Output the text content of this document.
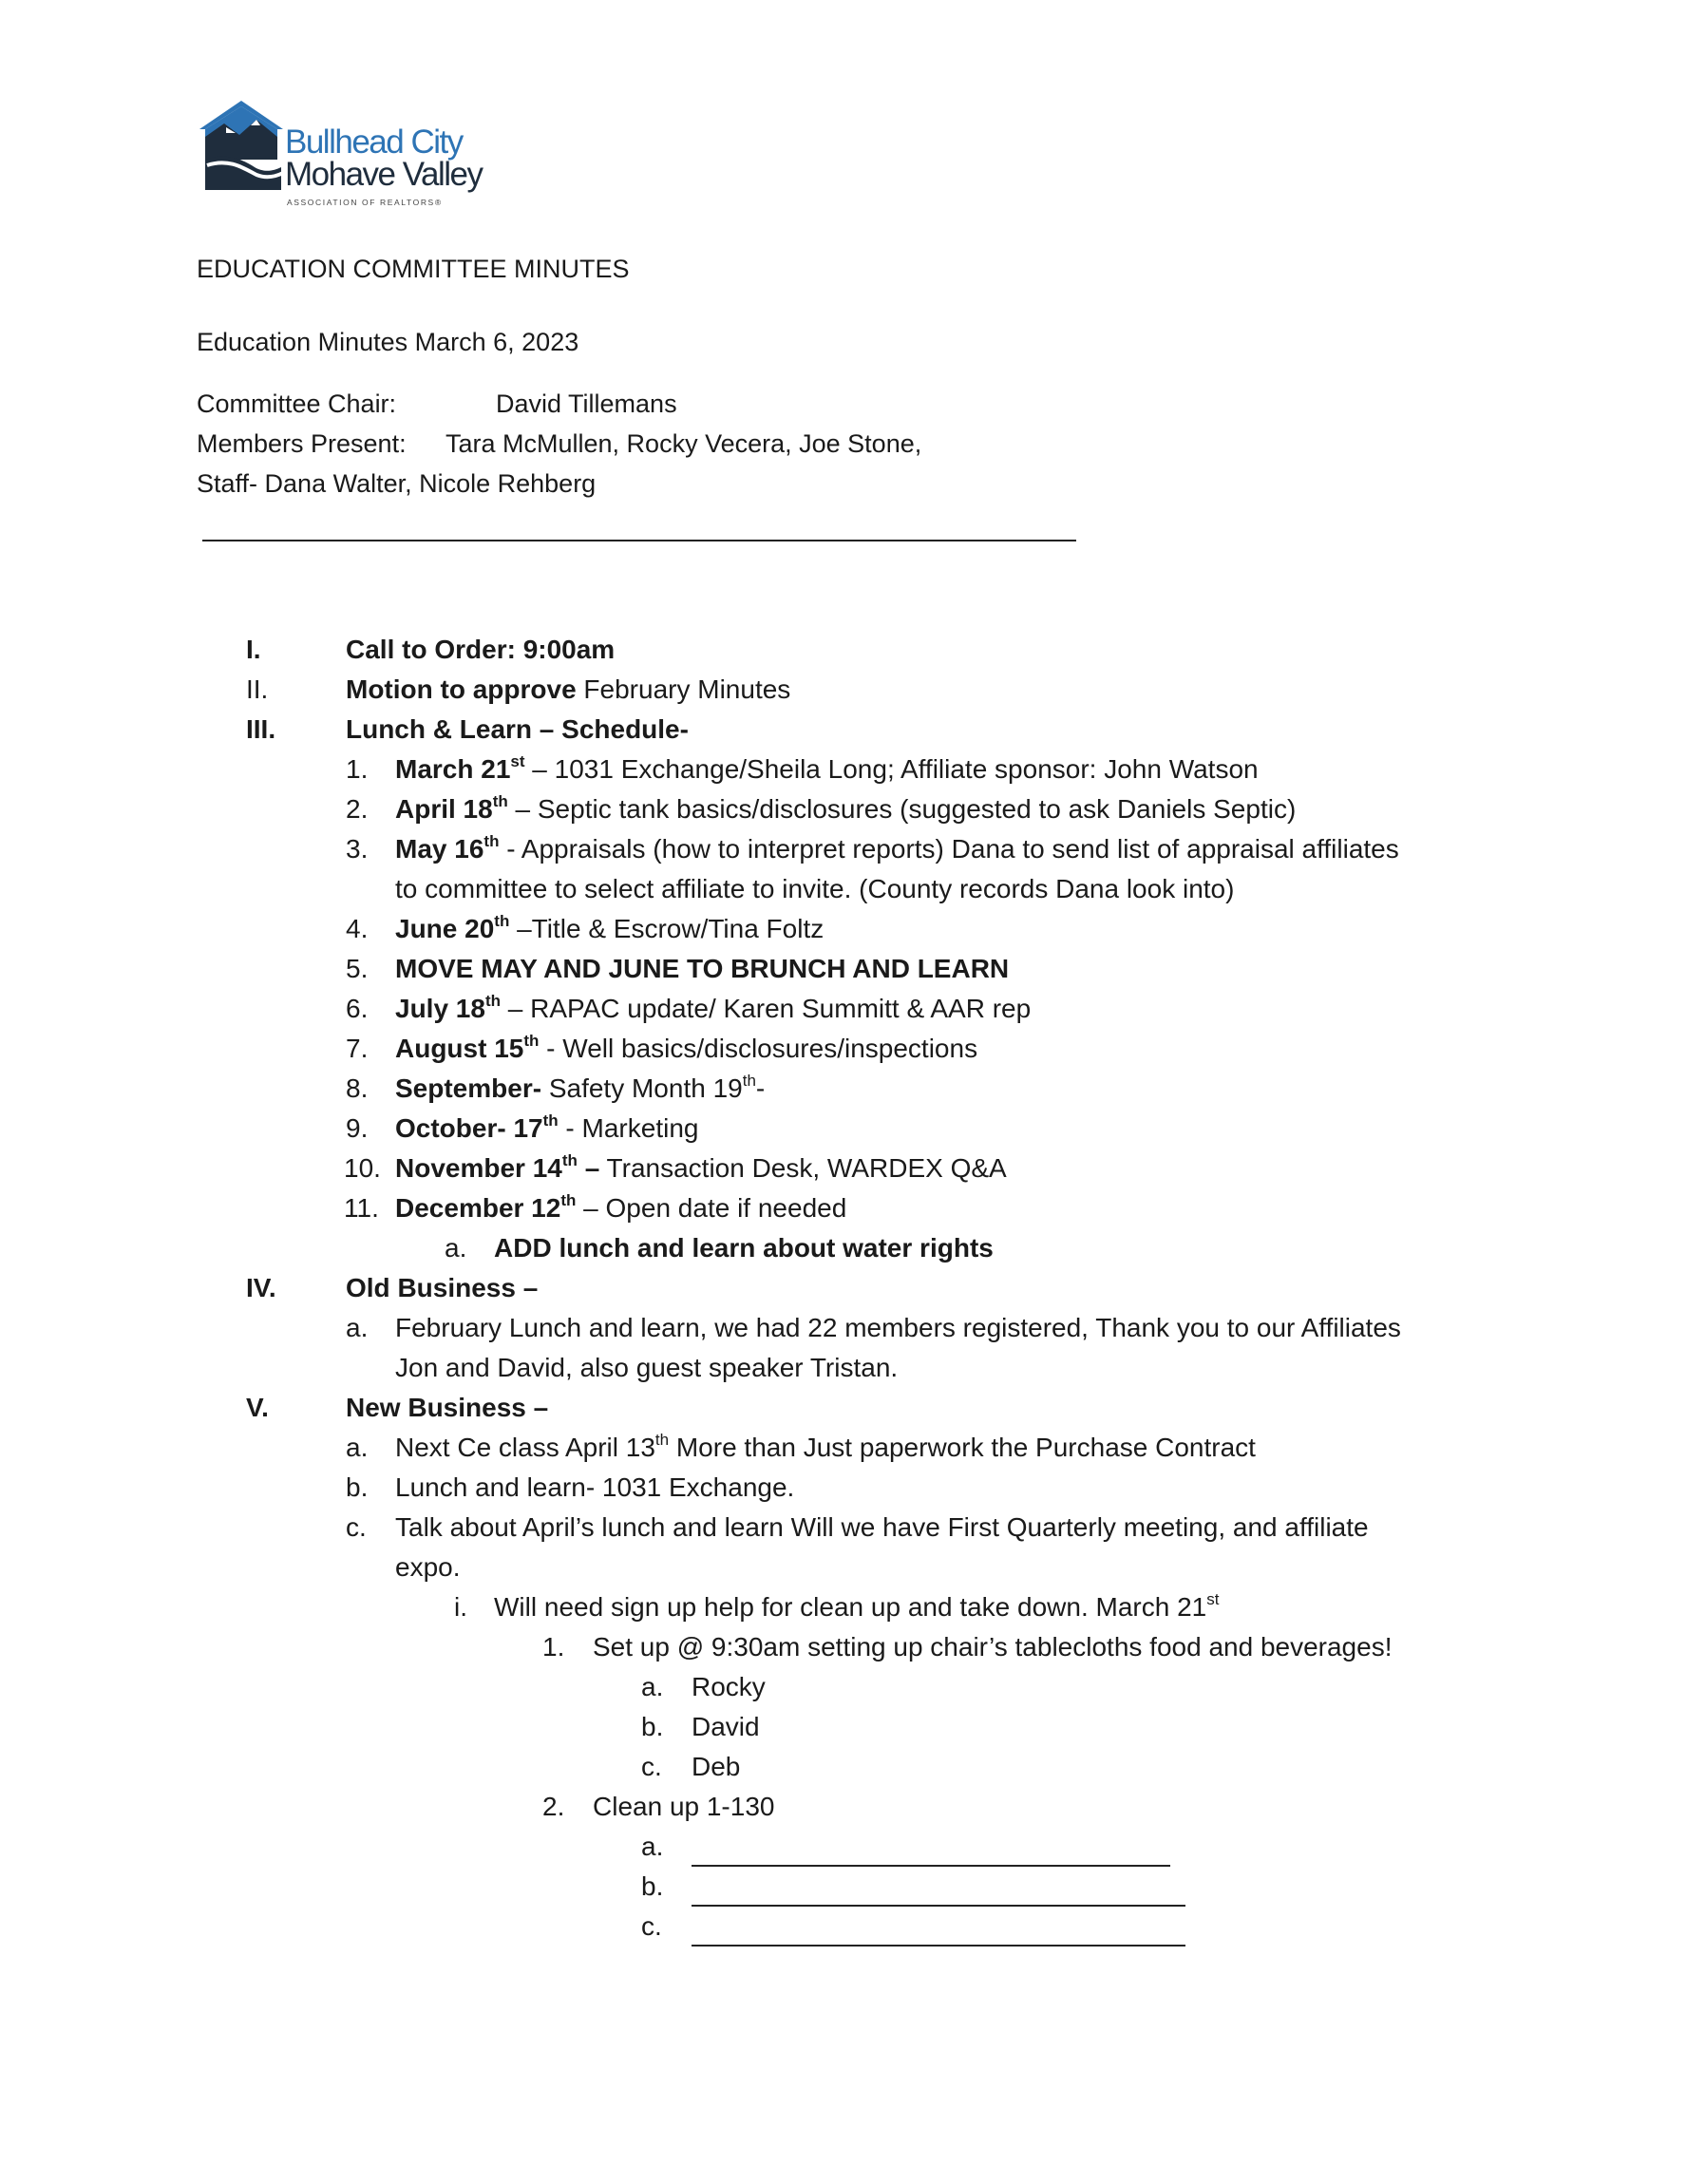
Bullhead City
Mohave Valley
ASSOCIATION OF REALTORS®
EDUCATION COMMITTEE MINUTES
Education Minutes March 6, 2023
Committee Chair:	David Tillemans
Members Present: Tara McMullen, Rocky Vecera, Joe Stone,
Staff- Dana Walter, Nicole Rehberg
I.	Call to Order: 9:00am
II.	Motion to approve February Minutes
III.	Lunch & Learn – Schedule-
1. March 21st – 1031 Exchange/Sheila Long; Affiliate sponsor: John Watson
2. April 18th – Septic tank basics/disclosures (suggested to ask Daniels Septic)
3. May 16th - Appraisals (how to interpret reports) Dana to send list of appraisal affiliates
to committee to select affiliate to invite. (County records Dana look into)
4. June 20th –Title & Escrow/Tina Foltz
5. MOVE MAY AND JUNE TO BRUNCH AND LEARN
6. July 18th – RAPAC update/ Karen Summitt & AAR rep
7. August 15th - Well basics/disclosures/inspections
8. September- Safety Month 19th-
9. October- 17th - Marketing
10. November 14th – Transaction Desk, WARDEX Q&A
11. December 12th – Open date if needed
a. ADD lunch and learn about water rights
IV.	Old Business –
a. February Lunch and learn, we had 22 members registered, Thank you to our Affiliates
Jon and David, also guest speaker Tristan.
V.	New Business –
a. Next Ce class April 13th More than Just paperwork the Purchase Contract
b. Lunch and learn- 1031 Exchange.
c. Talk about April’s lunch and learn Will we have First Quarterly meeting, and affiliate
expo.
i. Will need sign up help for clean up and take down. March 21st
1. Set up @ 9:30am setting up chair’s tablecloths food and beverages!
a. Rocky
b. David
c. Deb
2. Clean up 1-130
a.
b.
c.
